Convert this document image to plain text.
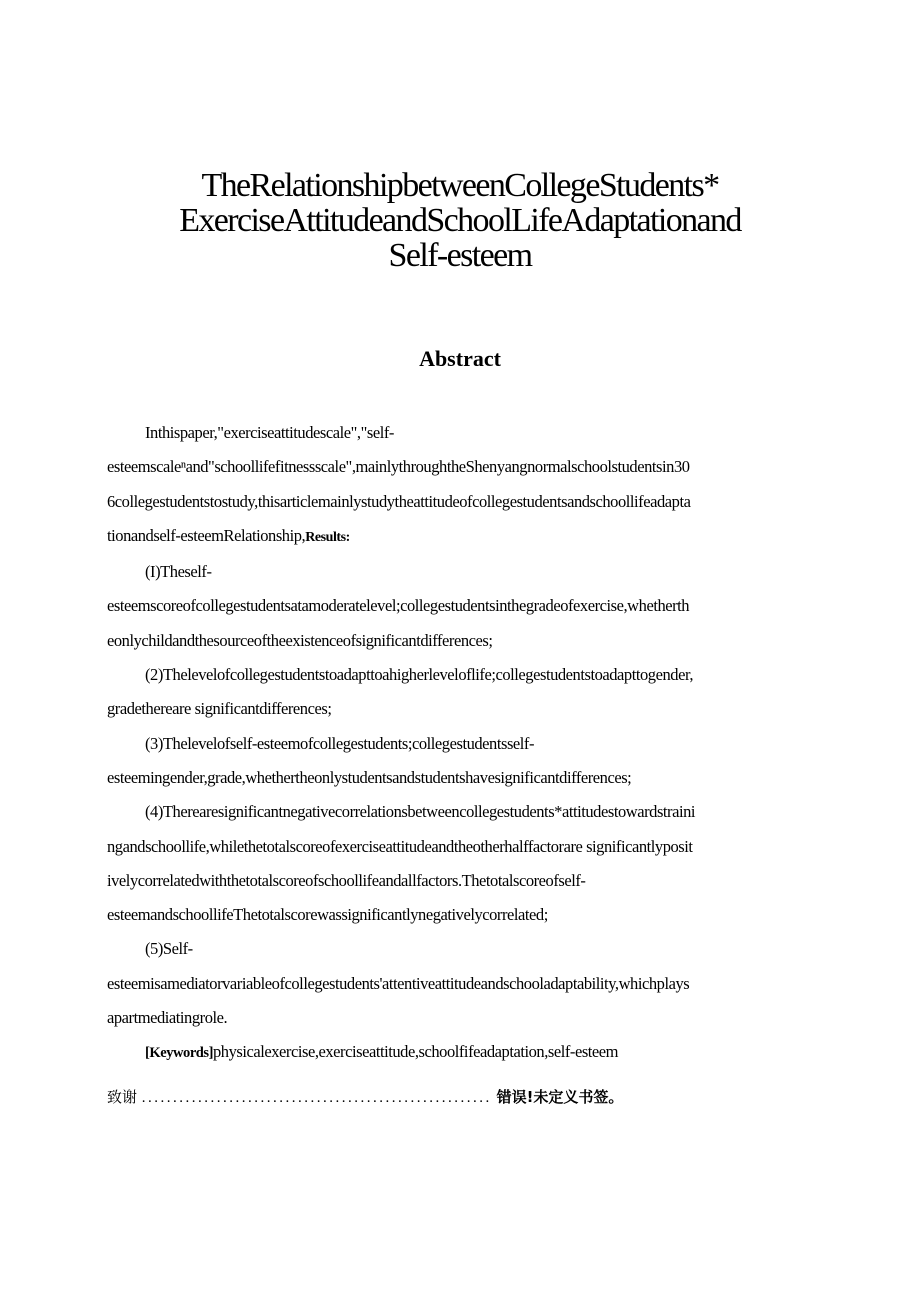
TheRelationshipbetweenCollegeStudents*
ExerciseAttitudeandSchoolLifeAdaptationand
Self-esteem
Abstract

Inthispaper,"exerciseattitudescale","self-
esteemscaleⁿand"schoollifefitnessscale",mainlythroughtheShenyangnormalschoolstudentsin30
6collegestudentstostudy,thisarticlemainlystudytheattitudeofcollegestudentsandschoollifeadapta
tionandself-esteemRelationship,Results:

(I)Theself-
esteemscoreofcollegestudentsatamoderatelevel;collegestudentsinthegradeofexercise,whetherth
eonlychildandthesourceoftheexistenceofsignificantdifferences;

(2)Thelevelofcollegestudentstoadapttoahigherleveloflife;collegestudentstoadapttogender,
gradethereare significantdifferences;

(3)Thelevelofself-esteemofcollegestudents;collegestudentsself-
esteemingender,grade,whethertheonlystudentsandstudentshavesignificantdifferences;

(4)Therearesignificantnegativecorrelationsbetweencollegestudents*attitudestowardstraini
ngandschoollife,whilethetotalscoreofexerciseattitudeandtheotherhalffactorare significantlyposit
ivelycorrelatedwiththetotalscoreofschoollifeandallfactors.Thetotalscoreofself-
esteemandschoollifeThetotalscorewassignificantlynegativelycorrelated;

(5)Self-
esteemisamediatorvariableofcollegestudents'attentiveattitudeandschooladaptability,whichplays
apartmediatingrole.

[Keywords]physicalexercise,exerciseattitude,schoolfifeadaptation,self-esteem

致谢 ........................................................ 错误!未定义书签。
